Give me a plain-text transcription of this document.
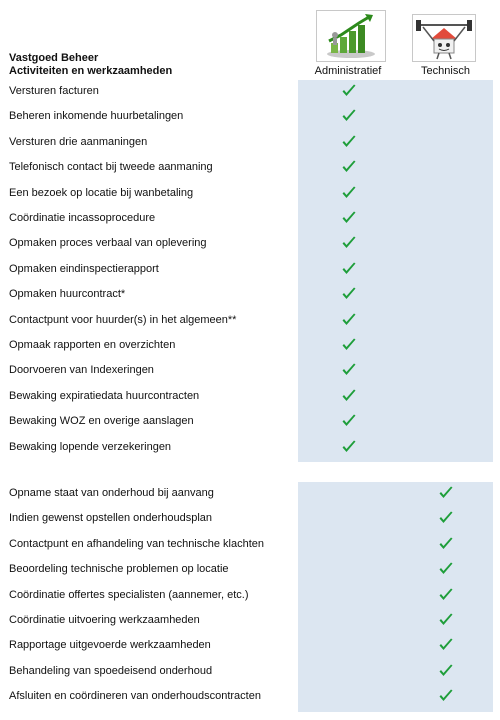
Vastgoed Beheer
Activiteiten en werkzaamheden	Administratief	Technisch
Versturen facturen
Beheren inkomende huurbetalingen
Versturen drie aanmaningen
Telefonisch contact bij tweede aanmaning
Een bezoek op locatie bij wanbetaling
Coördinatie incassoprocedure
Opmaken proces verbaal van oplevering
Opmaken eindinspectierapport
Opmaken huurcontract*
Contactpunt voor huurder(s) in het algemeen**
Opmaak rapporten en overzichten
Doorvoeren van Indexeringen
Bewaking expiratiedata huurcontracten
Bewaking WOZ en overige aanslagen
Bewaking lopende verzekeringen
Opname staat van onderhoud bij aanvang
Indien gewenst opstellen onderhoudsplan
Contactpunt en afhandeling van technische klachten
Beoordeling technische problemen op locatie
Coördinatie offertes specialisten (aannemer, etc.)
Coördinatie uitvoering werkzaamheden
Rapportage uitgevoerde werkzaamheden
Behandeling van spoedeisend onderhoud
Afsluiten en coördineren van onderhoudscontracten
